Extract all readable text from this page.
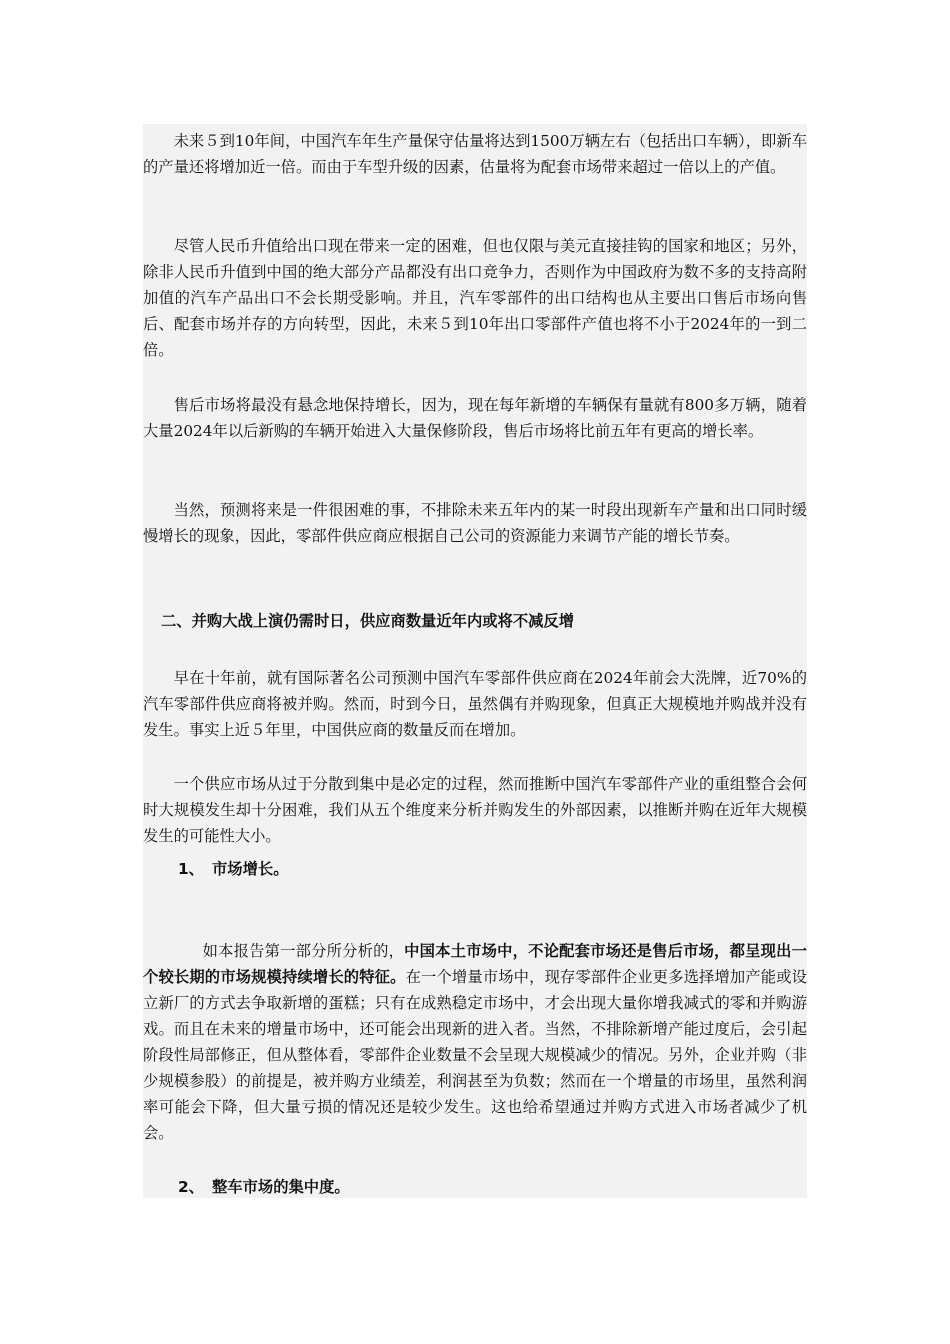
未来５到10年间，中国汽车年生产量保守估量将达到1500万辆左右（包括出口车辆），即新车的产量还将增加近一倍。而由于车型升级的因素，估量将为配套市场带来超过一倍以上的产值。

尽管人民币升值给出口现在带来一定的困难，但也仅限与美元直接挂钩的国家和地区；另外，除非人民币升值到中国的绝大部分产品都没有出口竞争力，否则作为中国政府为数不多的支持高附加值的汽车产品出口不会长期受影响。并且，汽车零部件的出口结构也从主要出口售后市场向售后、配套市场并存的方向转型，因此，未来５到10年出口零部件产值也将不小于2024年的一到二倍。

售后市场将最没有悬念地保持增长，因为，现在每年新增的车辆保有量就有800多万辆，随着大量2024年以后新购的车辆开始进入大量保修阶段，售后市场将比前五年有更高的增长率。

当然，预测将来是一件很困难的事，不排除未来五年内的某一时段出现新车产量和出口同时缓慢增长的现象，因此，零部件供应商应根据自己公司的资源能力来调节产能的增长节奏。

二、并购大战上演仍需时日，供应商数量近年内或将不减反增

早在十年前，就有国际著名公司预测中国汽车零部件供应商在2024年前会大洗牌，近70%的汽车零部件供应商将被并购。然而，时到今日，虽然偶有并购现象，但真正大规模地并购战并没有发生。事实上近５年里，中国供应商的数量反而在增加。

一个供应市场从过于分散到集中是必定的过程，然而推断中国汽车零部件产业的重组整合会何时大规模发生却十分困难，我们从五个维度来分析并购发生的外部因素，以推断并购在近年大规模发生的可能性大小。

1、 市场增长。

如本报告第一部分所分析的，中国本土市场中，不论配套市场还是售后市场，都呈现出一个较长期的市场规模持续增长的特征。在一个增量市场中，现存零部件企业更多选择增加产能或设立新厂的方式去争取新增的蛋糕；只有在成熟稳定市场中，才会出现大量你增我减式的零和并购游戏。而且在未来的增量市场中，还可能会出现新的进入者。当然，不排除新增产能过度后，会引起阶段性局部修正，但从整体看，零部件企业数量不会呈现大规模减少的情况。另外，企业并购（非少规模参股）的前提是，被并购方业绩差，利润甚至为负数；然而在一个增量的市场里，虽然利润率可能会下降，但大量亏损的情况还是较少发生。这也给希望通过并购方式进入市场者减少了机会。

2、 整车市场的集中度。
